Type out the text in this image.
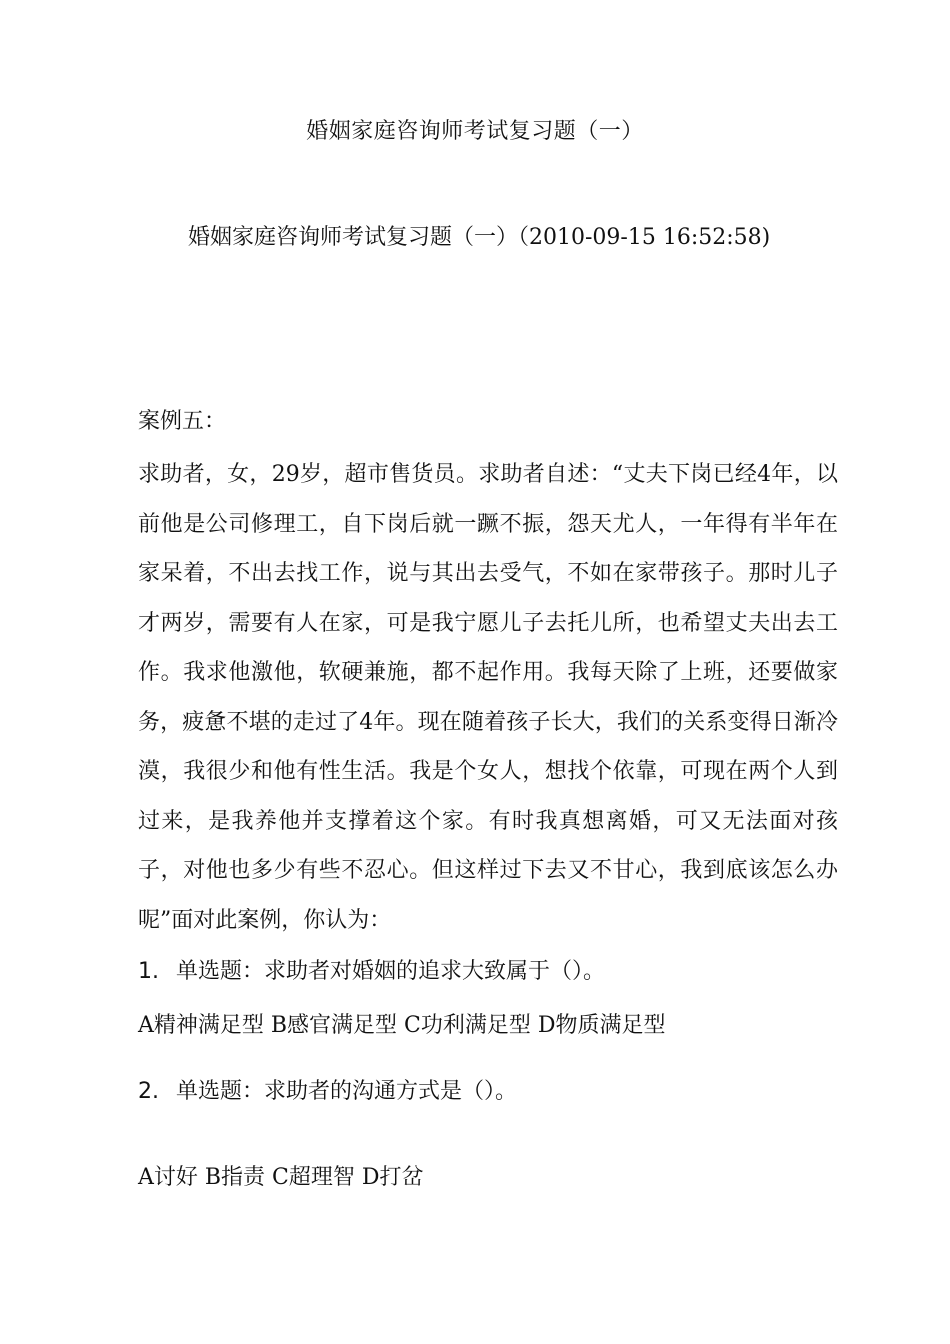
婚姻家庭咨询师考试复习题（一）
婚姻家庭咨询师考试复习题（一）（2010-09-15 16:52:58)
案例五：
求助者，女，29岁，超市售货员。求助者自述：“丈夫下岗已经4年，以前他是公司修理工，自下岗后就一蹶不振，怨天尤人，一年得有半年在家呆着，不出去找工作，说与其出去受气，不如在家带孩子。那时儿子才两岁，需要有人在家，可是我宁愿儿子去托儿所，也希望丈夫出去工作。我求他激他，软硬兼施，都不起作用。我每天除了上班，还要做家务，疲惫不堪的走过了4年。现在随着孩子长大，我们的关系变得日渐冷漠，我很少和他有性生活。我是个女人，想找个依靠，可现在两个人到过来，是我养他并支撑着这个家。有时我真想离婚，可又无法面对孩子，对他也多少有些不忍心。但这样过下去又不甘心，我到底该怎么办呢”面对此案例，你认为：
1. 单选题：求助者对婚姻的追求大致属于（）。
A精神满足型 B感官满足型 C功利满足型 D物质满足型
2. 单选题：求助者的沟通方式是（）。
A讨好 B指责 C超理智 D打岔
